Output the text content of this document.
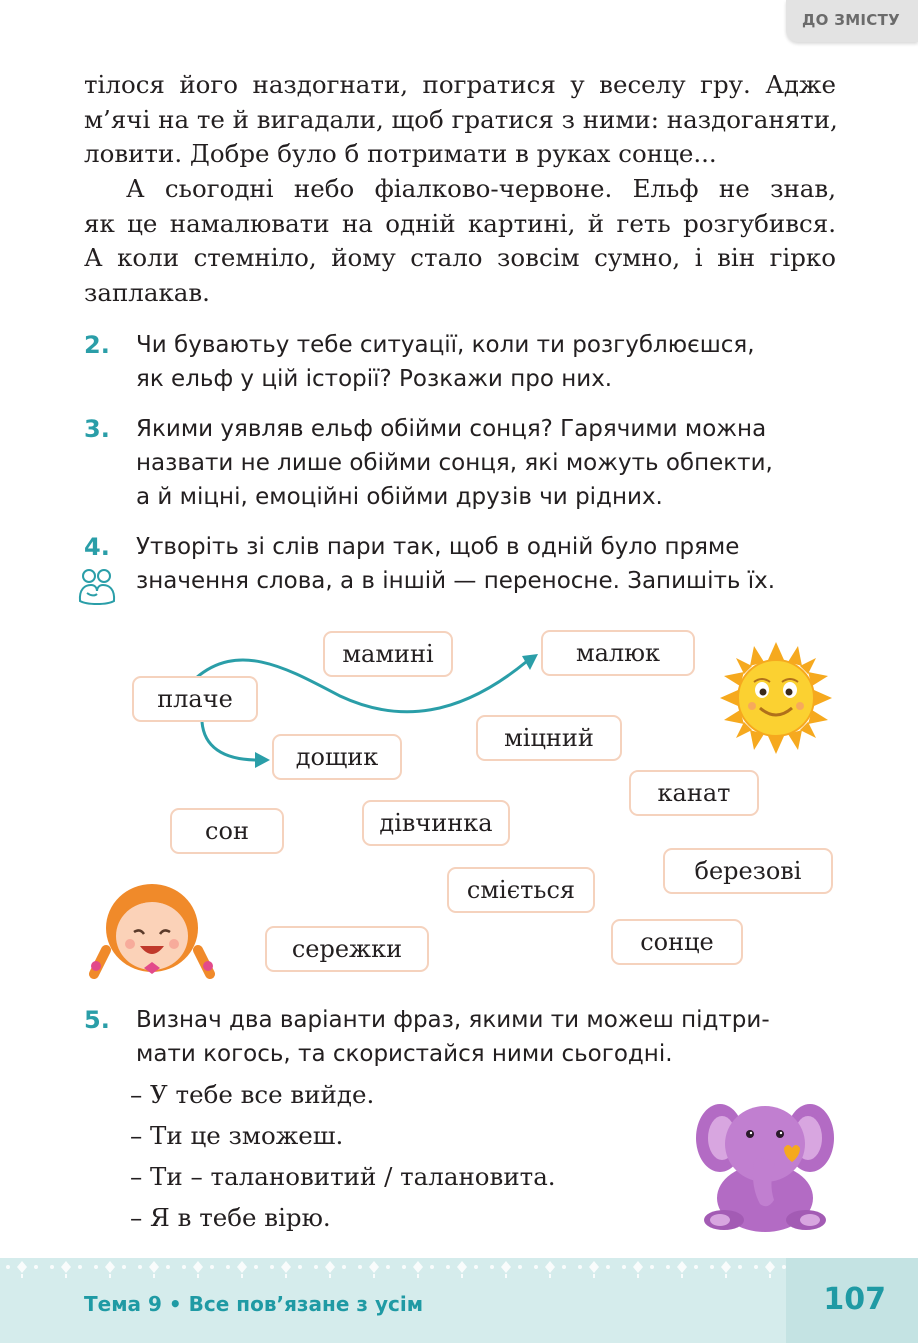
ДО ЗМІСТУ
тілося його наздогнати, погратися у веселу гру. Адже
м’ячі на те й вигадали, щоб гратися з ними: наздоганяти,
ловити. Добре було б потримати в руках сонце...
А сьогодні небо фіалково-червоне. Ельф не знав,
як це намалювати на одній картині, й геть розгубився.
А коли стемніло, йому стало зовсім сумно, і він гірко
заплакав.
2. Чи буваютьу тебе ситуації, коли ти розгублюєшся,
як ельф у цій історії? Розкажи про них.
3. Якими уявляв ельф обійми сонця? Гарячими можна
назвати не лише обійми сонця, які можуть обпекти,
а й міцні, емоційні обійми друзів чи рідних.
4. Утворіть зі слів пари так, щоб в одній було пряме
значення слова, а в іншій — переносне. Запишіть їх.
плаче
мамині	малюк
дощик
міцний
канат
сон	дівчинка
березові
сміється
сережки	сонце
5. Визнач два варіанти фраз, якими ти можеш підтри-
мати когось, та скористайся ними сьогодні.
– У тебе все вийде.
– Ти це зможеш.
– Ти – талановитий / талановита.
– Я в тебе вірю.
Тема 9 • Все пов’язане з усім	107
